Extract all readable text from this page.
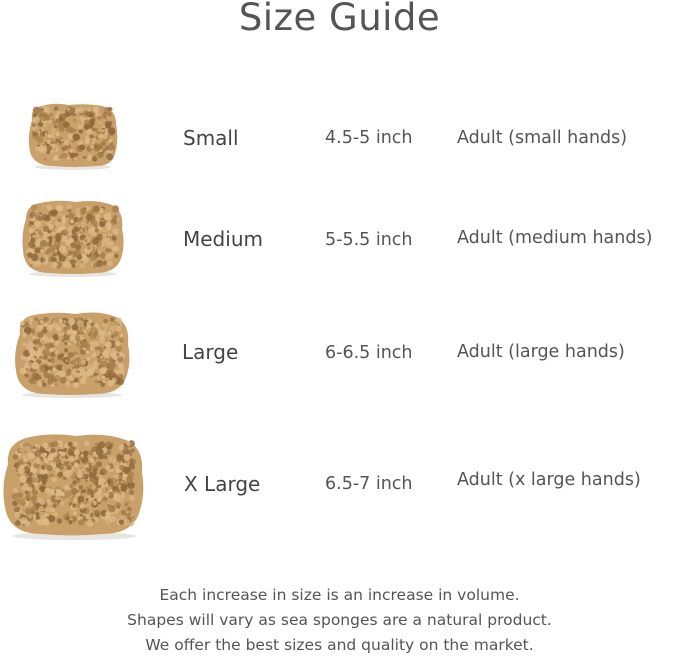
Size Guide
Small	4.5-5 inch	Adult (small hands)
Medium	5-5.5 inch	Adult (medium hands)
Large	6-6.5 inch	Adult (large hands)
X Large	6.5-7 inch	Adult (x large hands)
Each increase in size is an increase in volume.
Shapes will vary as sea sponges are a natural product.
We offer the best sizes and quality on the market.
